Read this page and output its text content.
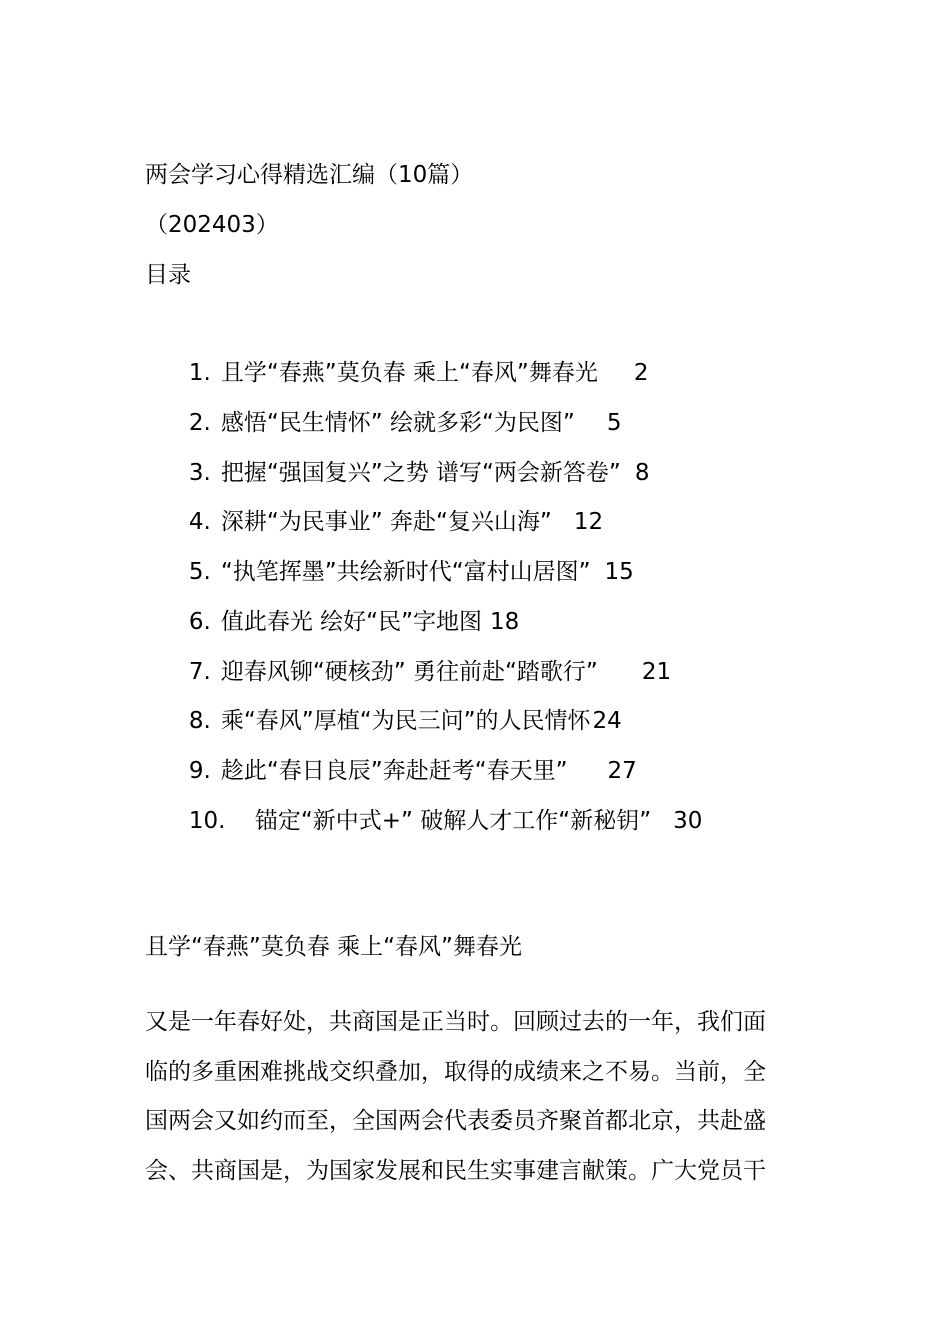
两会学习心得精选汇编（10篇）
（202403）
目录

1. 且学“春燕”莫负春 乘上“春风”舞春光 2

2. 感悟“民生情怀” 绘就多彩“为民图” 5

3. 把握“强国复兴”之势 谱写“两会新答卷” 8

4. 深耕“为民事业” 奔赴“复兴山海” 12

5. “执笔挥墨”共绘新时代“富村山居图” 15

6. 值此春光 绘好“民”字地图 18

7. 迎春风铆“硬核劲” 勇往前赴“踏歌行” 21

8. 乘“春风”厚植“为民三问”的人民情怀24

9. 趁此“春日良辰”奔赴赶考“春天里” 27

10. 锚定“新中式+” 破解人才工作“新秘钥” 30

且学“春燕”莫负春 乘上“春风”舞春光
又是一年春好处，共商国是正当时。回顾过去的一年，我们面
临的多重困难挑战交织叠加，取得的成绩来之不易。当前，全
国两会又如约而至，全国两会代表委员齐聚首都北京，共赴盛
会、共商国是，为国家发展和民生实事建言献策。广大党员干
